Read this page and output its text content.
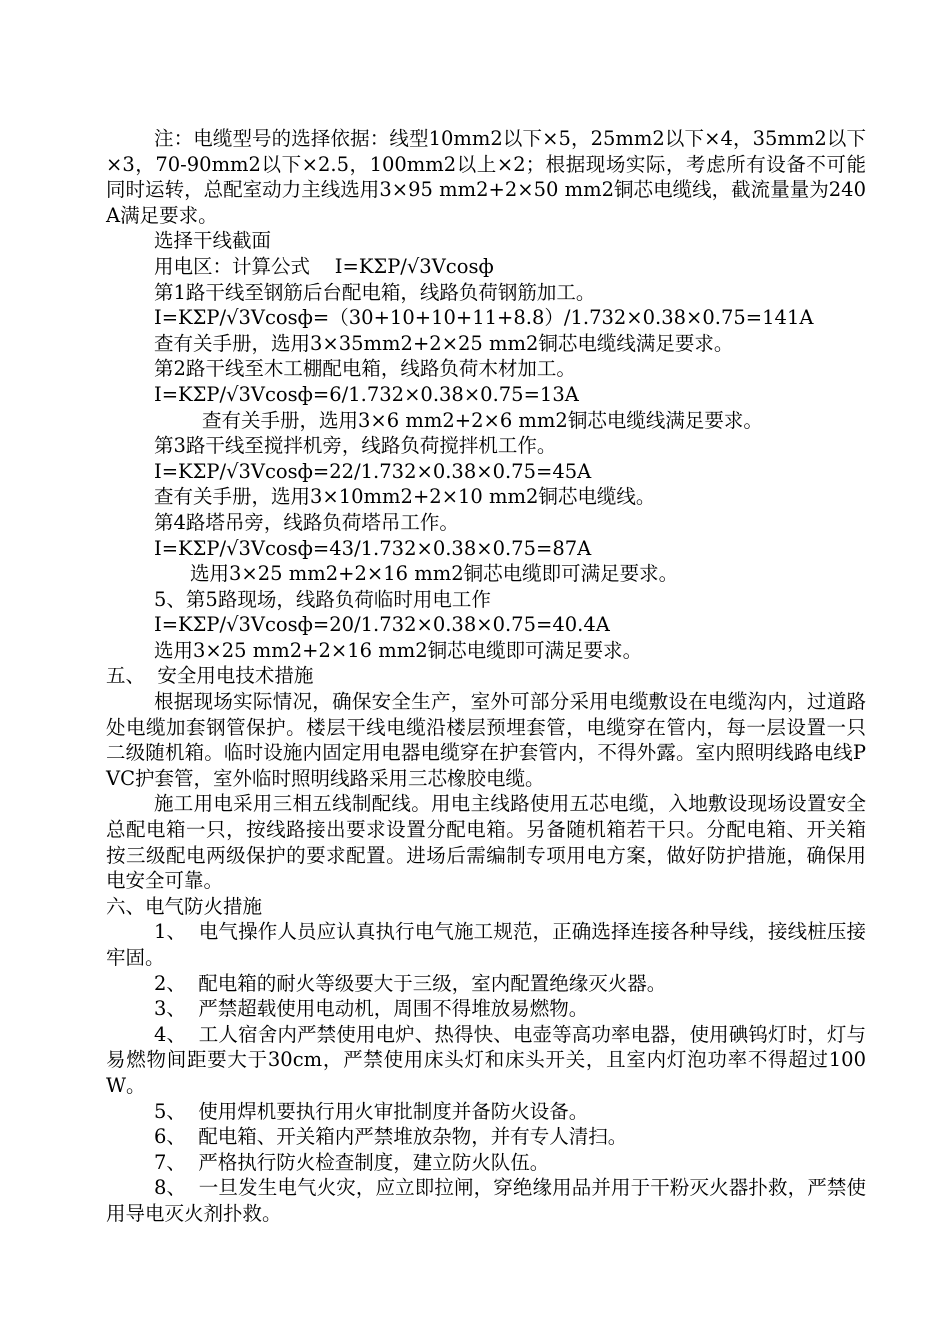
注：电缆型号的选择依据：线型10mm2以下×5，25mm2以下×4，35mm2以下×3，70-90mm2以下×2.5，100mm2以上×2；根据现场实际，考虑所有设备不可能同时运转，总配室动力主线选用3×95 mm2+2×50 mm2铜芯电缆线，截流量量为240A满足要求。

选择干线截面

用电区：计算公式    I=KΣP/√3Vcosф

第1路干线至钢筋后台配电箱，线路负荷钢筋加工。

I=KΣP/√3Vcosф=（30+10+10+11+8.8）/1.732×0.38×0.75=141A

查有关手册，选用3×35mm2+2×25 mm2铜芯电缆线满足要求。

第2路干线至木工棚配电箱，线路负荷木材加工。

I=KΣP/√3Vcosф=6/1.732×0.38×0.75=13A

查有关手册，选用3×6 mm2+2×6 mm2铜芯电缆线满足要求。

第3路干线至搅拌机旁，线路负荷搅拌机工作。

I=KΣP/√3Vcosф=22/1.732×0.38×0.75=45A

查有关手册，选用3×10mm2+2×10 mm2铜芯电缆线。

第4路塔吊旁，线路负荷塔吊工作。

I=KΣP/√3Vcosф=43/1.732×0.38×0.75=87A

选用3×25 mm2+2×16 mm2铜芯电缆即可满足要求。

5、第5路现场，线路负荷临时用电工作

I=KΣP/√3Vcosф=20/1.732×0.38×0.75=40.4A

选用3×25 mm2+2×16 mm2铜芯电缆即可满足要求。

五、  安全用电技术措施

根据现场实际情况，确保安全生产，室外可部分采用电缆敷设在电缆沟内，过道路处电缆加套钢管保护。楼层干线电缆沿楼层预埋套管，电缆穿在管内，每一层设置一只二级随机箱。临时设施内固定用电器电缆穿在护套管内，不得外露。室内照明线路电线PVC护套管，室外临时照明线路采用三芯橡胶电缆。

施工用电采用三相五线制配线。用电主线路使用五芯电缆，入地敷设现场设置安全总配电箱一只，按线路接出要求设置分配电箱。另备随机箱若干只。分配电箱、开关箱按三级配电两级保护的要求配置。进场后需编制专项用电方案，做好防护措施，确保用电安全可靠。

六、电气防火措施

1、  电气操作人员应认真执行电气施工规范，正确选择连接各种导线，接线桩压接牢固。

2、  配电箱的耐火等级要大于三级，室内配置绝缘灭火器。

3、  严禁超载使用电动机，周围不得堆放易燃物。

4、  工人宿舍内严禁使用电炉、热得快、电壶等高功率电器，使用碘钨灯时，灯与易燃物间距要大于30cm，严禁使用床头灯和床头开关，且室内灯泡功率不得超过100W。

5、  使用焊机要执行用火审批制度并备防火设备。

6、  配电箱、开关箱内严禁堆放杂物，并有专人清扫。

7、  严格执行防火检查制度，建立防火队伍。

8、  一旦发生电气火灾，应立即拉闸，穿绝缘用品并用于干粉灭火器扑救，严禁使用导电灭火剂扑救。
